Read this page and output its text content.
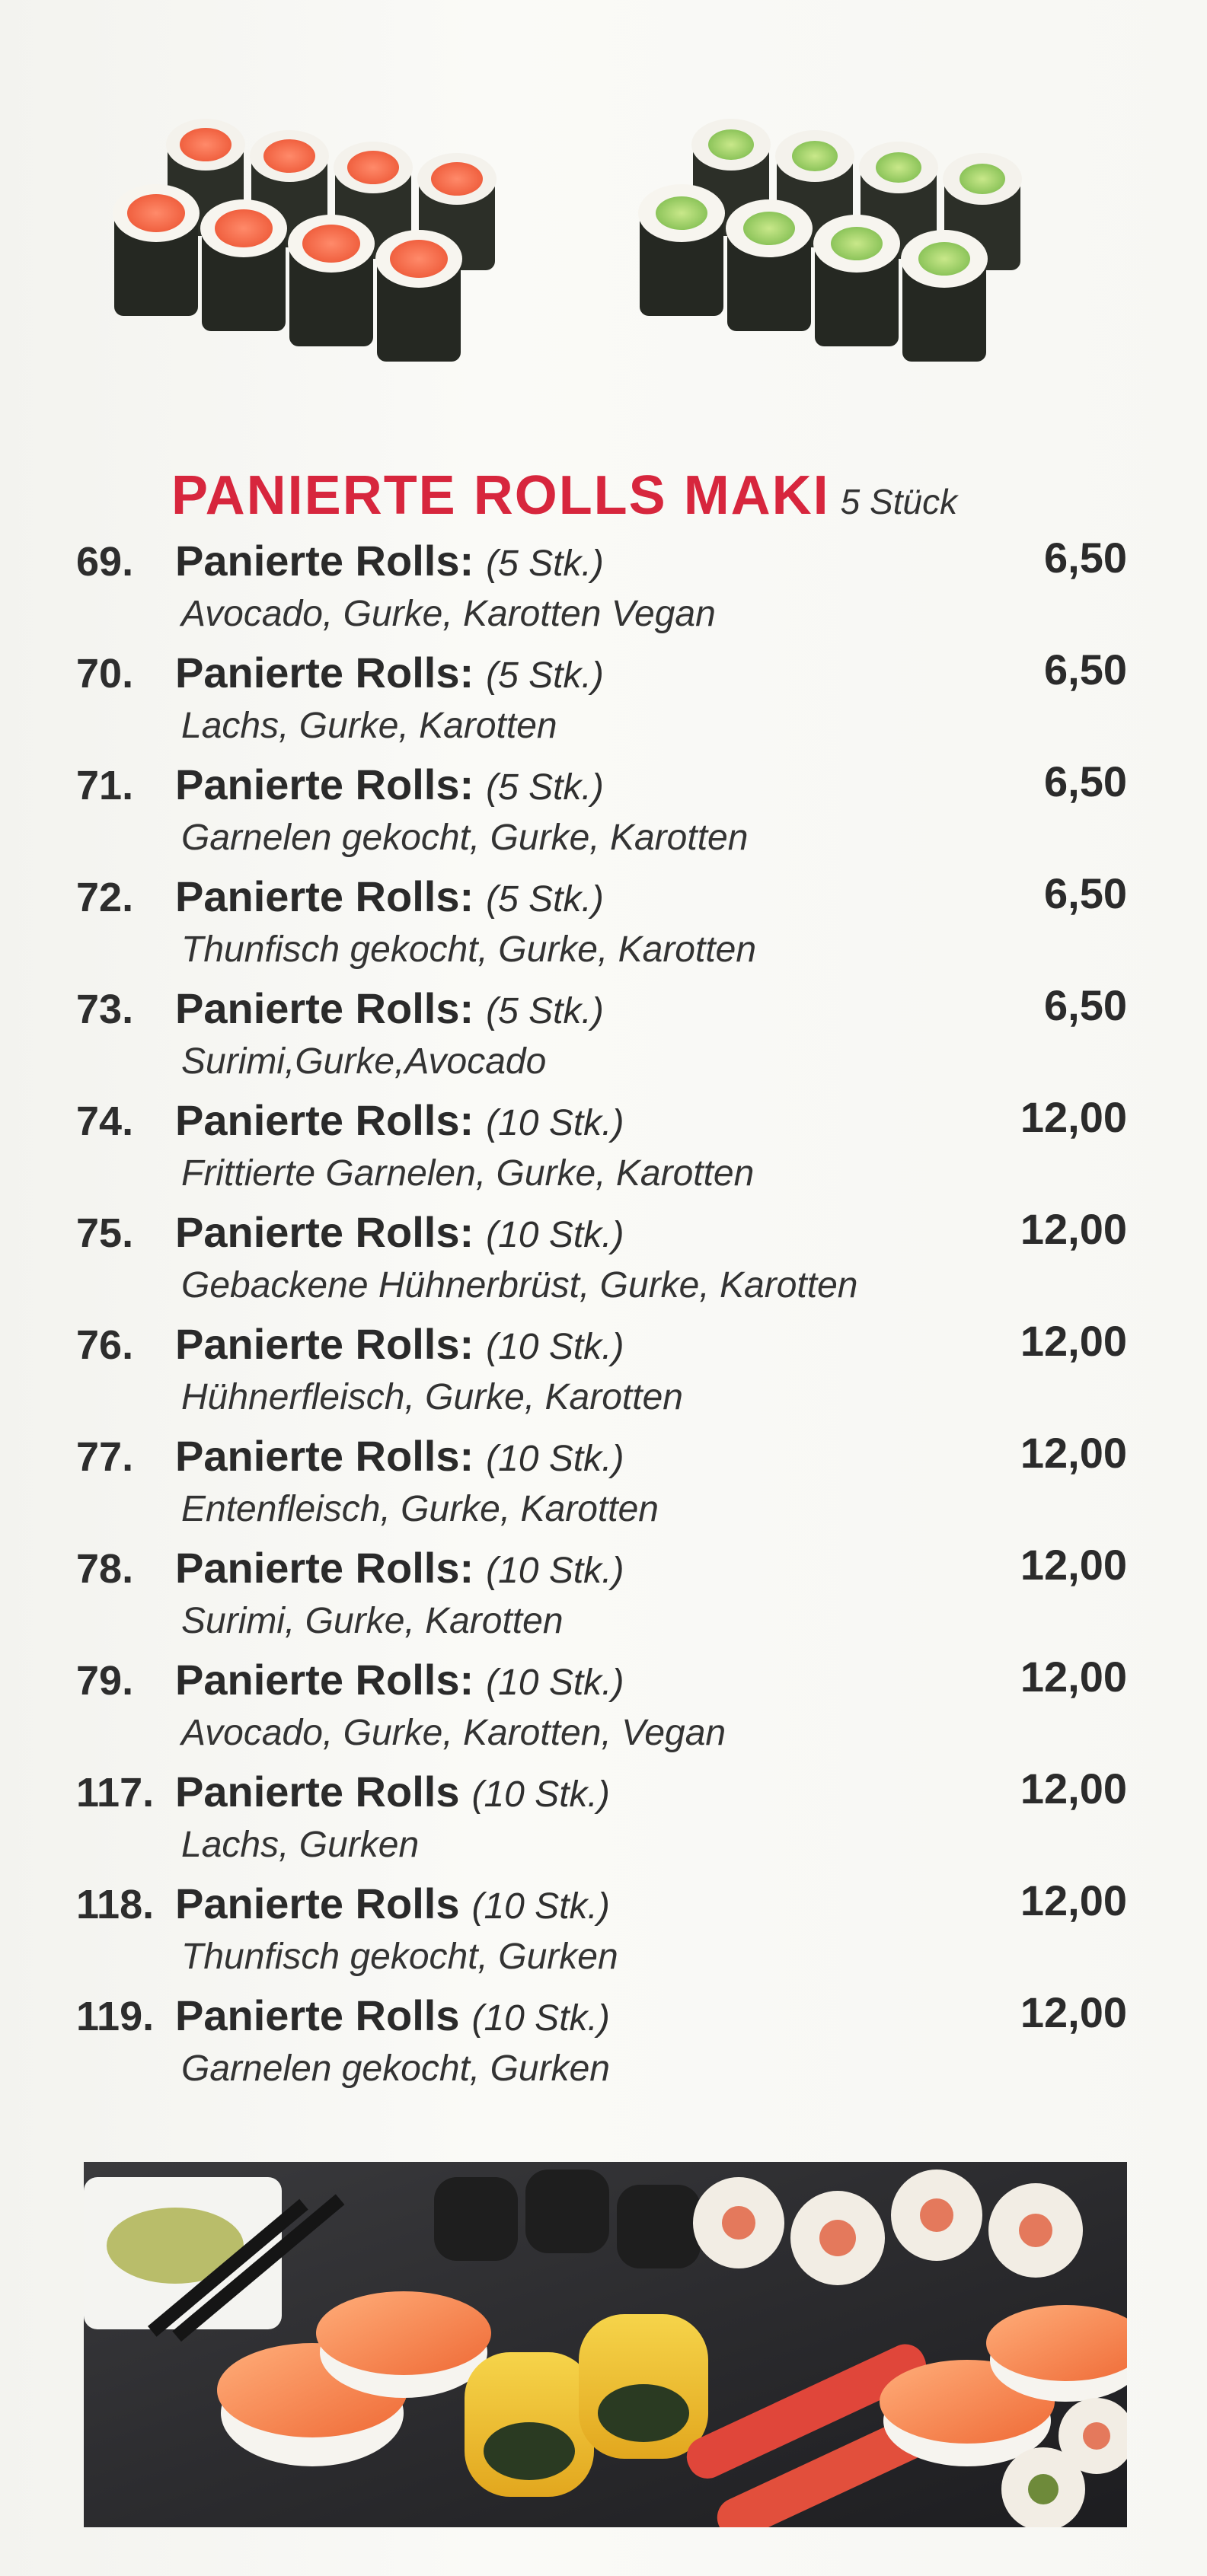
PANIERTE ROLLS MAKI 5 Stück
69. Panierte Rolls: (5 Stk.)	6,50
Avocado, Gurke, Karotten Vegan
70. Panierte Rolls: (5 Stk.)	6,50
Lachs, Gurke, Karotten
71. Panierte Rolls: (5 Stk.)	6,50
Garnelen gekocht, Gurke, Karotten
72. Panierte Rolls: (5 Stk.)	6,50
Thunfisch gekocht, Gurke, Karotten
73. Panierte Rolls: (5 Stk.)	6,50
Surimi,Gurke,Avocado
74. Panierte Rolls: (10 Stk.)	12,00
Frittierte Garnelen, Gurke, Karotten
75. Panierte Rolls: (10 Stk.)	12,00
Gebackene Hühnerbrüst, Gurke, Karotten
76. Panierte Rolls: (10 Stk.)	12,00
Hühnerfleisch, Gurke, Karotten
77. Panierte Rolls: (10 Stk.)	12,00
Entenfleisch, Gurke, Karotten
78. Panierte Rolls: (10 Stk.)	12,00
Surimi, Gurke, Karotten
79. Panierte Rolls: (10 Stk.)	12,00
Avocado, Gurke, Karotten, Vegan
117. Panierte Rolls (10 Stk.)	12,00
Lachs, Gurken
118. Panierte Rolls (10 Stk.)	12,00
Thunfisch gekocht, Gurken
119. Panierte Rolls (10 Stk.)	12,00
Garnelen gekocht, Gurken
